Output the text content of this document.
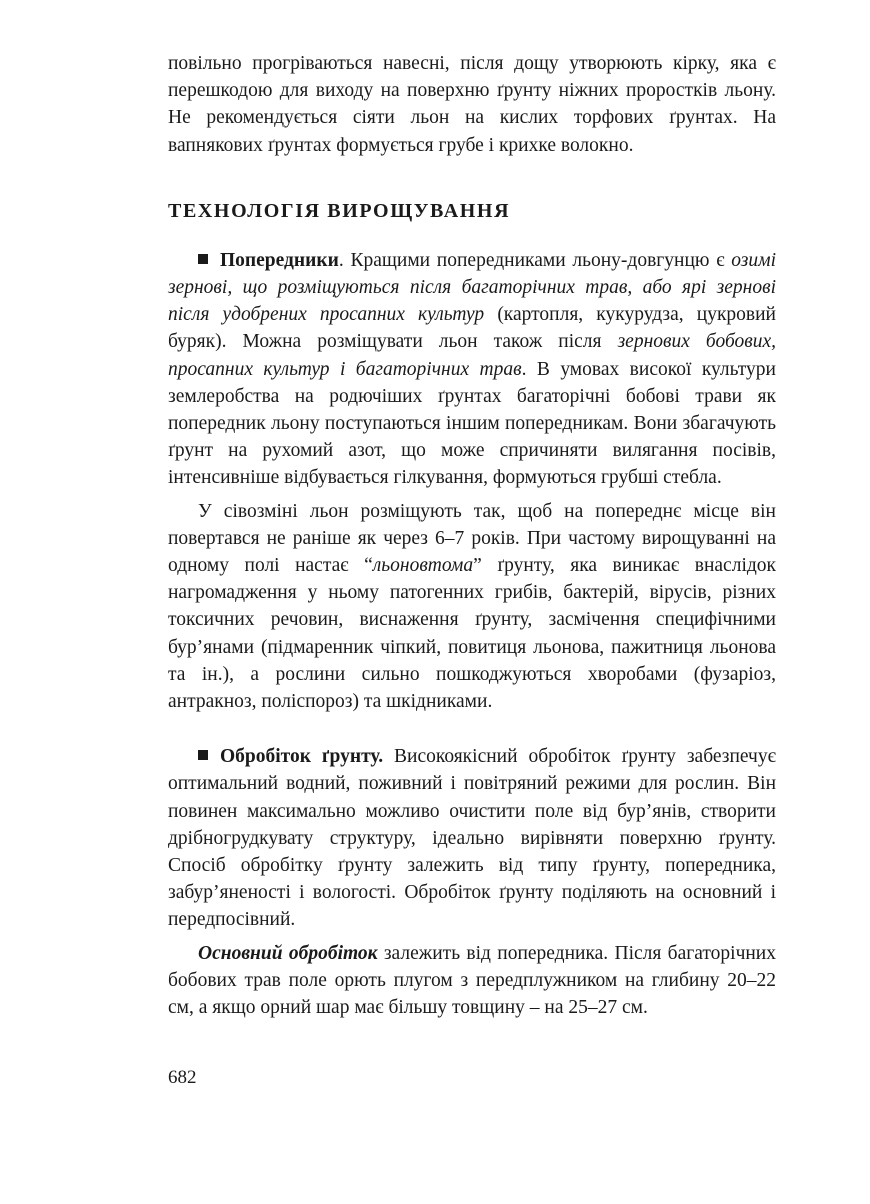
повільно прогріваються навесні, після дощу утворюють кірку, яка є перешкодою для виходу на поверхню ґрунту ніжних проростків льону. Не рекомендується сіяти льон на кислих торфових ґрунтах. На вапнякових ґрунтах формується грубе і крихке волокно.

ТЕХНОЛОГІЯ ВИРОЩУВАННЯ

Попередники. Кращими попередниками льону-довгунцю є озимі зернові, що розміщуються після багаторічних трав, або ярі зернові після удобрених просапних культур (картопля, кукурудза, цукровий буряк). Можна розміщувати льон також після зернових бобових, просапних культур і багаторічних трав. В умовах високої культури землеробства на родючіших ґрунтах багаторічні бобові трави як попередник льону поступаються іншим попередникам. Вони збагачують ґрунт на рухомий азот, що може спричиняти вилягання посівів, інтенсивніше відбувається гілкування, формуються грубші стебла.

У сівозміні льон розміщують так, щоб на попереднє місце він повертався не раніше як через 6–7 років. При частому вирощуванні на одному полі настає “льоновтома” ґрунту, яка виникає внаслідок нагромадження у ньому патогенних грибів, бактерій, вірусів, різних токсичних речовин, виснаження ґрунту, засмічення специфічними бур’янами (підмаренник чіпкий, повитиця льонова, пажитниця льонова та ін.), а рослини сильно пошкоджуються хворобами (фузаріоз, антракноз, поліспороз) та шкідниками.

Обробіток ґрунту. Високоякісний обробіток ґрунту забезпечує оптимальний водний, поживний і повітряний режими для рослин. Він повинен максимально можливо очистити поле від бур’янів, створити дрібногрудкувату структуру, ідеально вирівняти поверхню ґрунту. Спосіб обробітку ґрунту залежить від типу ґрунту, попередника, забур’яненості і вологості. Обробіток ґрунту поділяють на основний і передпосівний.

Основний обробіток залежить від попередника. Після багаторічних бобових трав поле орють плугом з передплужником на глибину 20–22 см, а якщо орний шар має більшу товщину – на 25–27 см.

682
